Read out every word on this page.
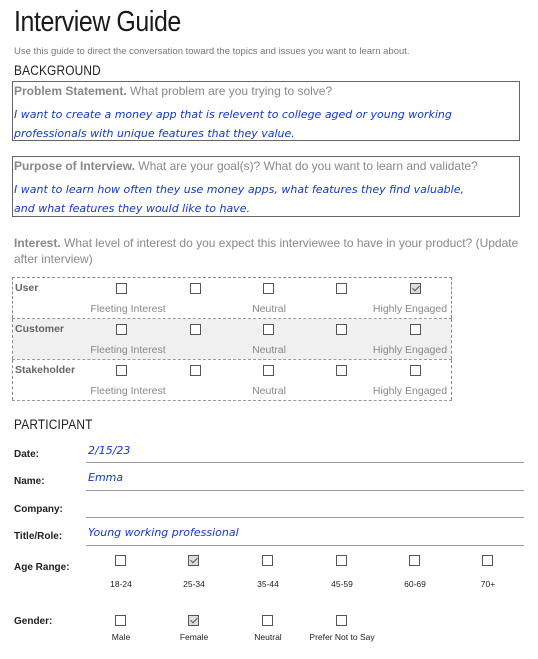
Interview Guide
Use this guide to direct the conversation toward the topics and issues you want to learn about.
BACKGROUND
Problem Statement. What problem are you trying to solve?
I want to create a money app that is relevent to college aged or young working
professionals with unique features that they value.
Purpose of Interview. What are your goal(s)? What do you want to learn and validate?
I want to learn how often they use money apps, what features they find valuable,
and what features they would like to have.
Interest. What level of interest do you expect this interviewee to have in your product? (Update after interview)
User
Fleeting Interest	Neutral	Highly Engaged

Customer
Fleeting Interest	Neutral	Highly Engaged

Stakeholder
Fleeting Interest	Neutral	Highly Engaged
PARTICIPANT
Date:	2/15/23
Name:	Emma
Company:
Title/Role: Young working professional
Age Range:
18-24	25-34	35-44	45-59	60-69	70+
Gender:
Male	Female	Neutral	Prefer Not to Say
